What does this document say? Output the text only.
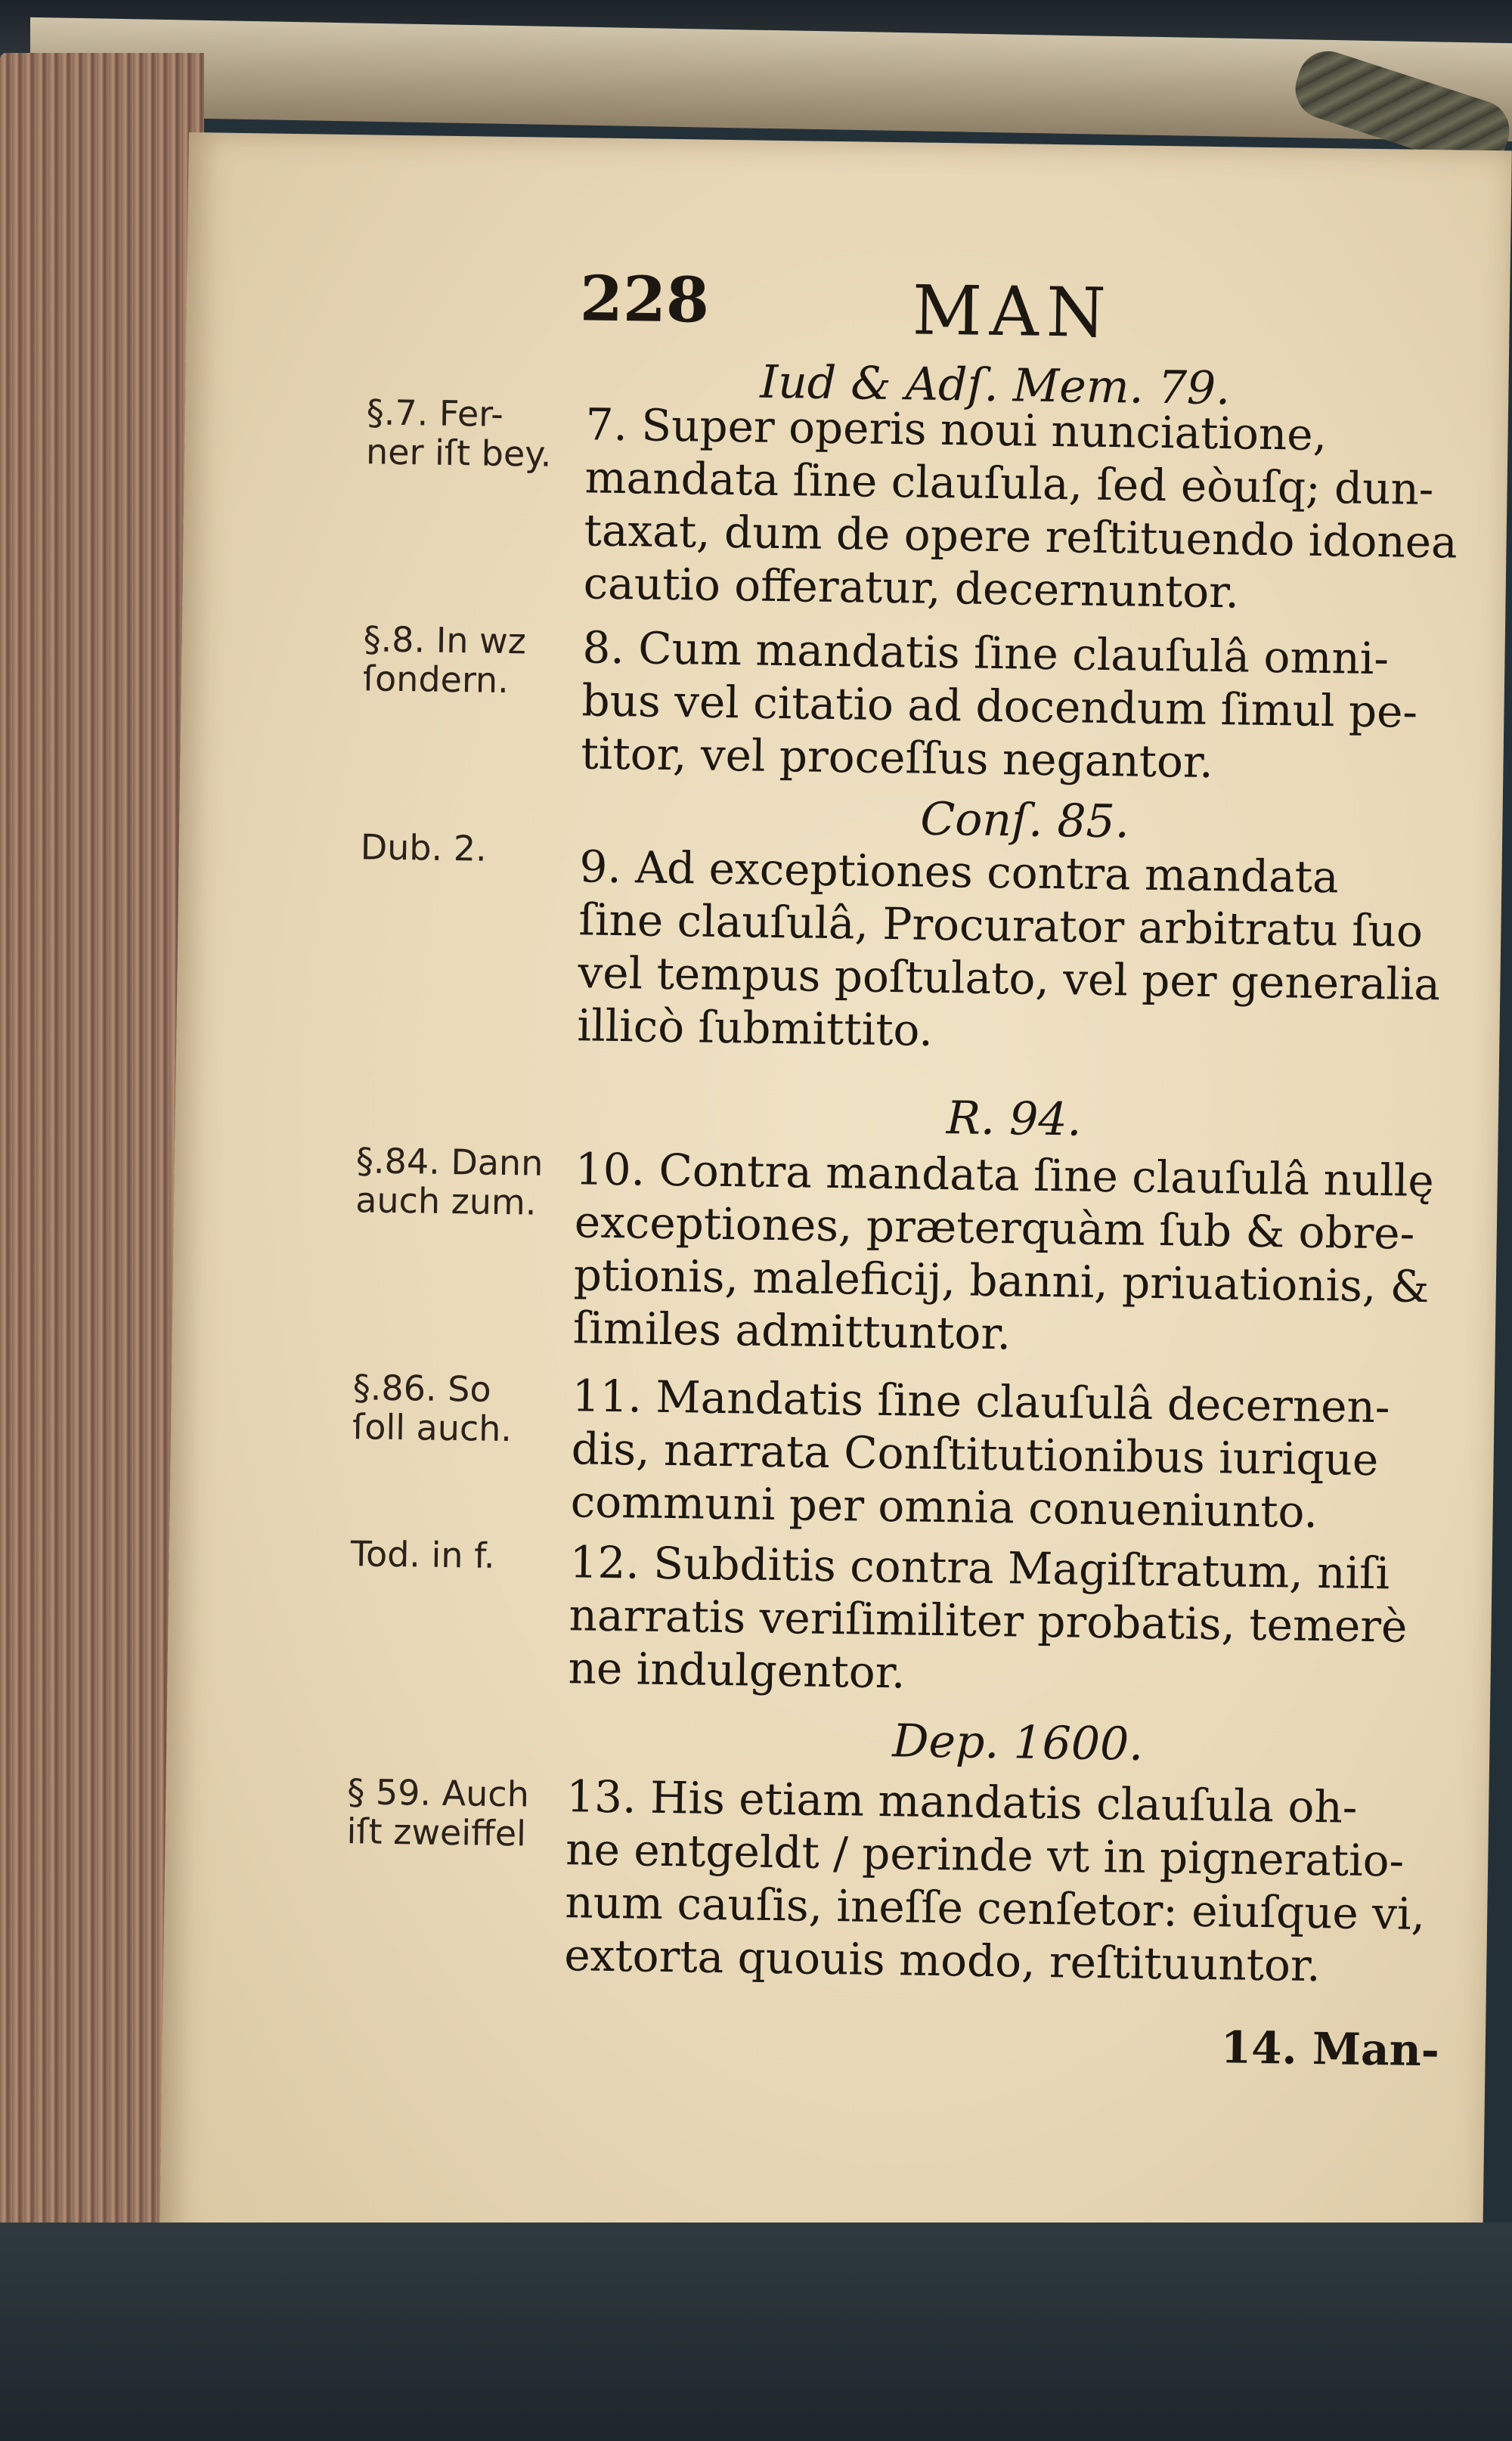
228	MAN
Iud & Adſ. Mem. 79.
§.7. Fer-
ner iſt bey. 7. Super operis noui nunciatione,
mandata ſine clauſula, ſed eòuſq; dun-
taxat, dum de opere reſtituendo idonea
cautio offeratur, decernuntor.
§.8. In wz
ſondern. 8. Cum mandatis ſine clauſulâ omni-
bus vel citatio ad docendum ſimul pe-
titor, vel proceſſus negantor.
Conſ. 85.
Dub. 2. 9. Ad exceptiones contra mandata
ſine clauſulâ, Procurator arbitratu ſuo
vel tempus poſtulato, vel per generalia
illicò ſubmittito.
R. 94.
§.84. Dann
auch zum. 10. Contra mandata ſine clauſulâ nullę
exceptiones, præterquàm ſub & obre-
ptionis, maleficij, banni, priuationis, &
ſimiles admittuntor.
§.86. So
ſoll auch. 11. Mandatis ſine clauſulâ decernen-
dis, narrata Conſtitutionibus iurique
communi per omnia conueniunto.
Tod. in f. 12. Subditis contra Magiſtratum, niſi
narratis veriſimiliter probatis, temerè
ne indulgentor.
Dep. 1600.
§ 59. Auch
iſt zweiffel 13. His etiam mandatis clauſula oh-
ne entgeldt / perinde vt in pigneratio-
num cauſis, ineſſe cenſetor: eiuſque vi,
extorta quouis modo, reſtituuntor.
14. Man-
